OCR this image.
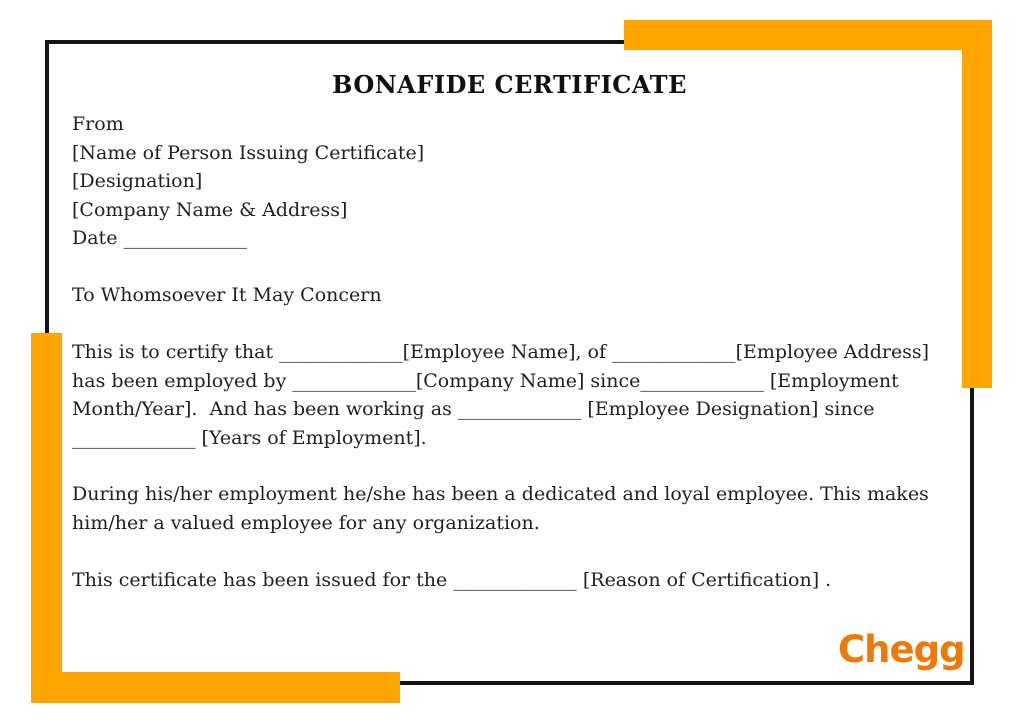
BONAFIDE CERTIFICATE
From
[Name of Person Issuing Certificate]
[Designation]
[Company Name & Address]
Date _____________
To Whomsoever It May Concern
This is to certify that _____________[Employee Name], of _____________[Employee Address]
has been employed by _____________[Company Name] since_____________ [Employment
Month/Year].  And has been working as _____________ [Employee Designation] since
_____________ [Years of Employment].
During his/her employment he/she has been a dedicated and loyal employee. This makes
him/her a valued employee for any organization.
This certificate has been issued for the _____________ [Reason of Certification] .
Chegg
